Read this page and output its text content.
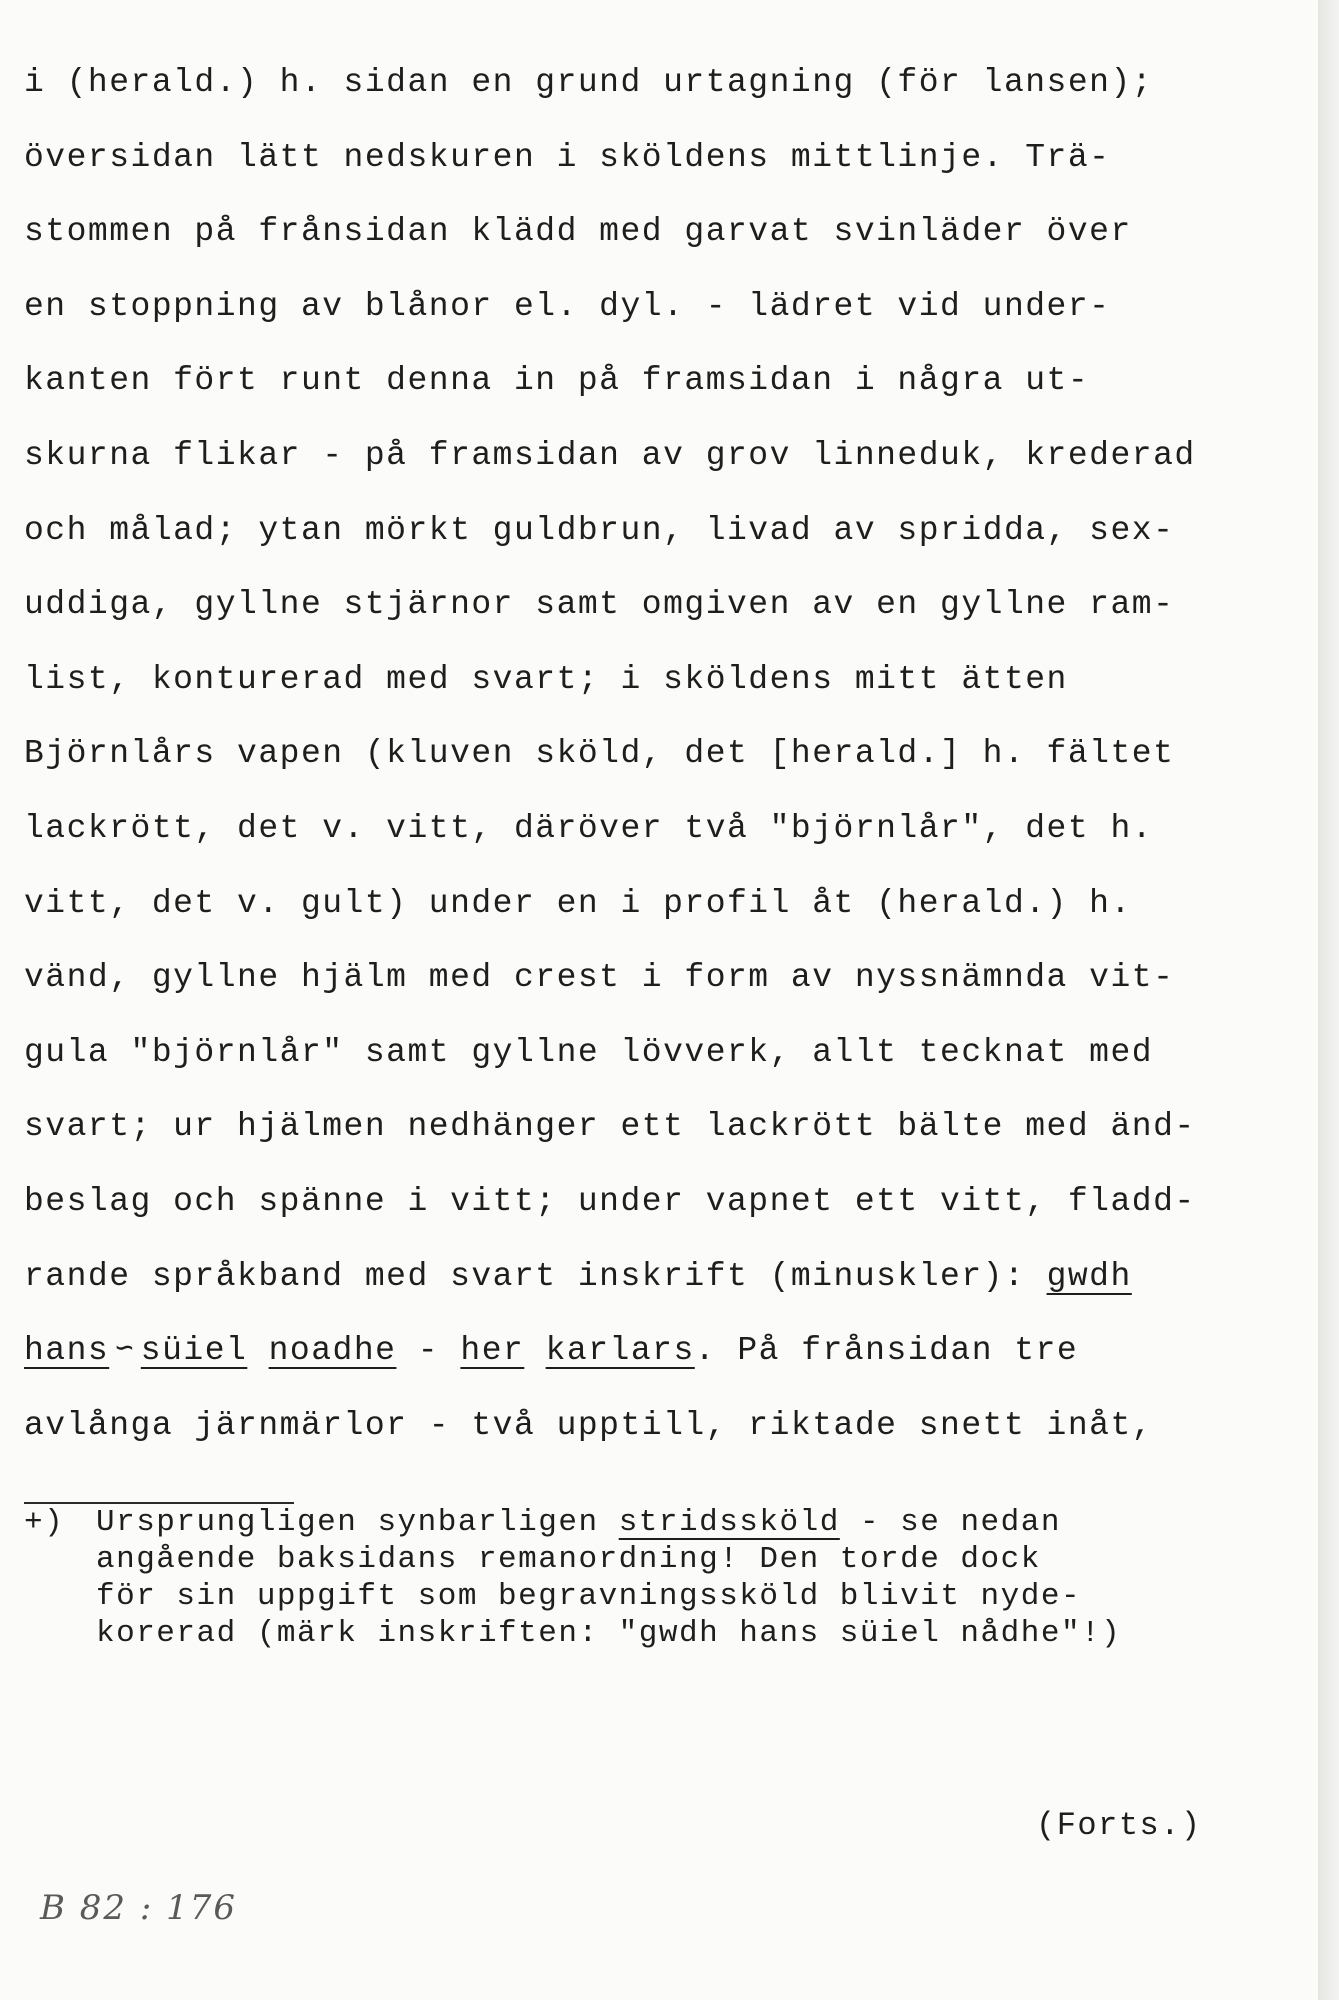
i (herald.) h. sidan en grund urtagning (för lansen);
översidan lätt nedskuren i sköldens mittlinje. Trä-
stommen på frånsidan klädd med garvat svinläder över
en stoppning av blånor el. dyl. - lädret vid under-
kanten fört runt denna in på framsidan i några ut-
skurna flikar - på framsidan av grov linneduk, krederad
och målad; ytan mörkt guldbrun, livad av spridda, sex-
uddiga, gyllne stjärnor samt omgiven av en gyllne ram-
list, konturerad med svart; i sköldens mitt ätten
Björnlårs vapen (kluven sköld, det [herald.] h. fältet
lackrött, det v. vitt, däröver två "björnlår", det h.
vitt, det v. gult) under en i profil åt (herald.) h.
vänd, gyllne hjälm med crest i form av nyssnämnda vit-
gula "björnlår" samt gyllne lövverk, allt tecknat med
svart; ur hjälmen nedhänger ett lackrött bälte med änd-
beslag och spänne i vitt; under vapnet ett vitt, fladd-
rande språkband med svart inskrift (minuskler): gwdh
hans ∽ süiel noadhe - her karlars. På frånsidan tre
avlånga järnmärlor - två upptill, riktade snett inåt,
+) Ursprungligen synbarligen stridssköld - se nedan
angående baksidans remanordning! Den torde dock
för sin uppgift som begravningssköld blivit nyde-
korerad (märk inskriften: "gwdh hans süiel nådhe"!)
(Forts.)
B 82 : 176
